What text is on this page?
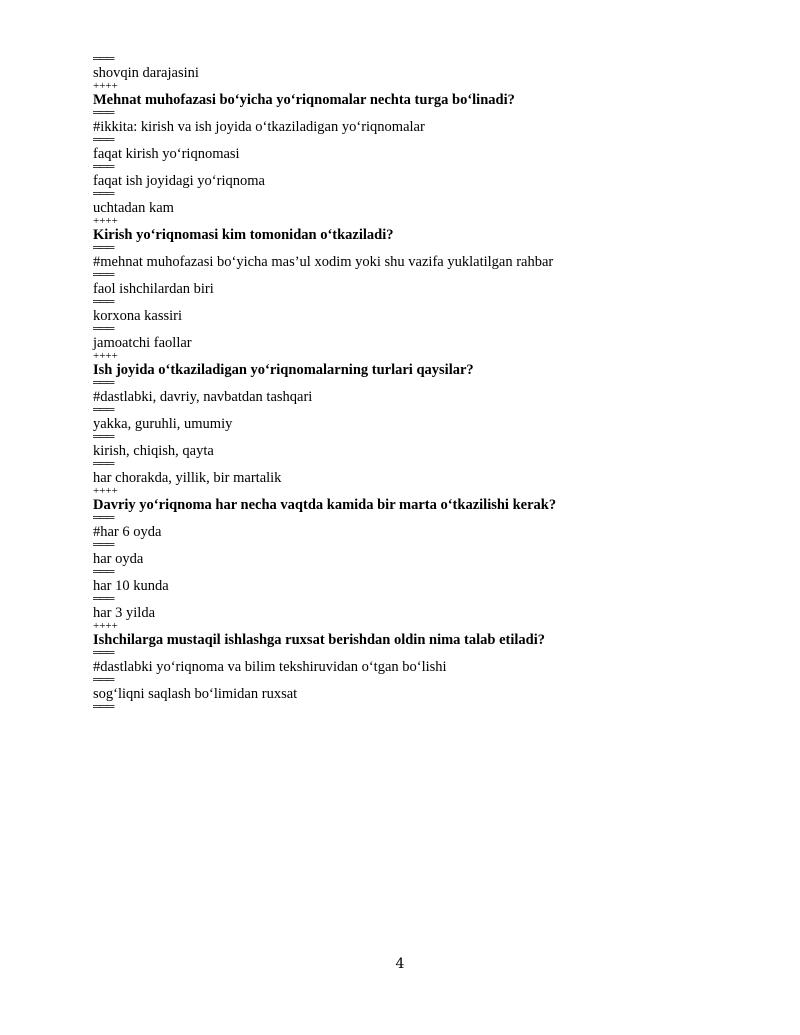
═══
shovqin darajasini
++++
Mehnat muhofazasi bo‘yicha yo‘riqnomalar nechta turga bo‘linadi?
═══
#ikkita: kirish va ish joyida o‘tkaziladigan yo‘riqnomalar
═══
faqat kirish yo‘riqnomasi
═══
faqat ish joyidagi yo‘riqnoma
═══
uchtadan kam
++++
Kirish yo‘riqnomasi kim tomonidan o‘tkaziladi?
═══
#mehnat muhofazasi bo‘yicha mas’ul xodim yoki shu vazifa yuklatilgan rahbar
═══
faol ishchilardan biri
═══
korxona kassiri
═══
jamoatchi faollar
++++
Ish joyida o‘tkaziladigan yo‘riqnomalarning turlari qaysilar?
═══
#dastlabki, davriy, navbatdan tashqari
═══
yakka, guruhli, umumiy
═══
kirish, chiqish, qayta
═══
har chorakda, yillik, bir martalik
++++
Davriy yo‘riqnoma har necha vaqtda kamida bir marta o‘tkazilishi kerak?
═══
#har 6 oyda
═══
har oyda
═══
har 10 kunda
═══
har 3 yilda
++++
Ishchilarga mustaqil ishlashga ruxsat berishdan oldin nima talab etiladi?
═══
#dastlabki yo‘riqnoma va bilim tekshiruvidan o‘tgan bo‘lishi
═══
sog‘liqni saqlash bo‘limidan ruxsat
═══
4
